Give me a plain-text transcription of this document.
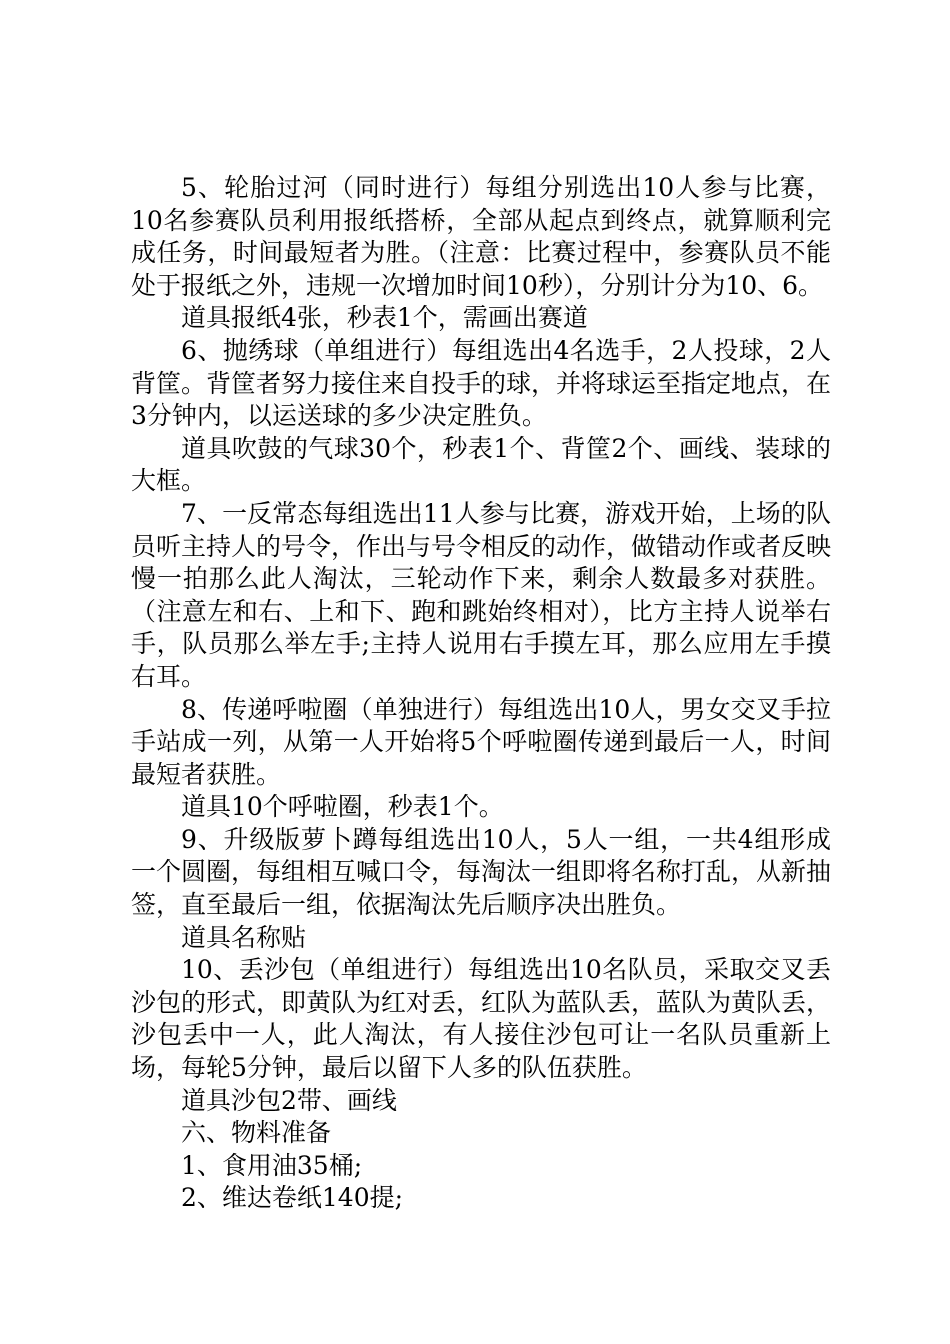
5、轮胎过河（同时进行）每组分别选出10人参与比赛，10名参赛队员利用报纸搭桥，全部从起点到终点，就算顺利完成任务，时间最短者为胜。（注意：比赛过程中，参赛队员不能处于报纸之外，违规一次增加时间10秒），分别计分为10、6。

道具报纸4张，秒表1个，需画出赛道

6、抛绣球（单组进行）每组选出4名选手，2人投球，2人背筐。背筐者努力接住来自投手的球，并将球运至指定地点，在3分钟内，以运送球的多少决定胜负。

道具吹鼓的气球30个，秒表1个、背筐2个、画线、装球的大框。

7、一反常态每组选出11人参与比赛，游戏开始，上场的队员听主持人的号令，作出与号令相反的动作，做错动作或者反映慢一拍那么此人淘汰，三轮动作下来，剩余人数最多对获胜。（注意左和右、上和下、跑和跳始终相对），比方主持人说举右手，队员那么举左手;主持人说用右手摸左耳，那么应用左手摸右耳。

8、传递呼啦圈（单独进行）每组选出10人，男女交叉手拉手站成一列，从第一人开始将5个呼啦圈传递到最后一人，时间最短者获胜。

道具10个呼啦圈，秒表1个。

9、升级版萝卜蹲每组选出10人，5人一组，一共4组形成一个圆圈，每组相互喊口令，每淘汰一组即将名称打乱，从新抽签，直至最后一组，依据淘汰先后顺序决出胜负。

道具名称贴

10、丢沙包（单组进行）每组选出10名队员，采取交叉丢沙包的形式，即黄队为红对丢，红队为蓝队丢，蓝队为黄队丢，沙包丢中一人，此人淘汰，有人接住沙包可让一名队员重新上场，每轮5分钟，最后以留下人多的队伍获胜。

道具沙包2带、画线

六、物料准备

1、食用油35桶;

2、维达卷纸140提;
